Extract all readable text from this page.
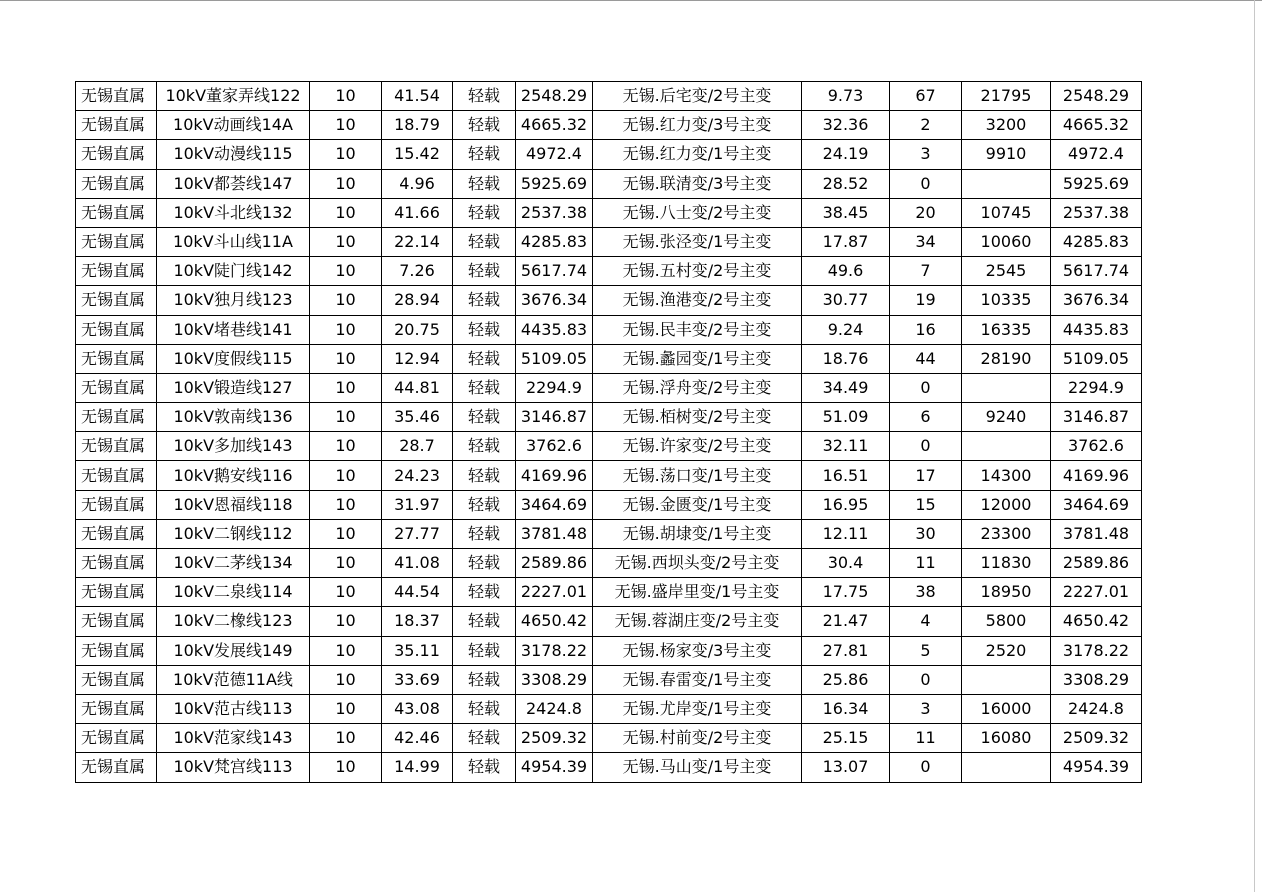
无锡直属	10kV董家弄线122	10	41.54	轻载	2548.29	无锡.后宅变/2号主变	9.73	67	21795	2548.29
无锡直属	10kV动画线14A	10	18.79	轻载	4665.32	无锡.红力变/3号主变	32.36	2	3200	4665.32
无锡直属	10kV动漫线115	10	15.42	轻载	4972.4	无锡.红力变/1号主变	24.19	3	9910	4972.4
无锡直属	10kV都荟线147	10	4.96	轻载	5925.69	无锡.联清变/3号主变	28.52	0		5925.69
无锡直属	10kV斗北线132	10	41.66	轻载	2537.38	无锡.八士变/2号主变	38.45	20	10745	2537.38
无锡直属	10kV斗山线11A	10	22.14	轻载	4285.83	无锡.张泾变/1号主变	17.87	34	10060	4285.83
无锡直属	10kV陡门线142	10	7.26	轻载	5617.74	无锡.五村变/2号主变	49.6	7	2545	5617.74
无锡直属	10kV独月线123	10	28.94	轻载	3676.34	无锡.渔港变/2号主变	30.77	19	10335	3676.34
无锡直属	10kV堵巷线141	10	20.75	轻载	4435.83	无锡.民丰变/2号主变	9.24	16	16335	4435.83
无锡直属	10kV度假线115	10	12.94	轻载	5109.05	无锡.蠡园变/1号主变	18.76	44	28190	5109.05
无锡直属	10kV锻造线127	10	44.81	轻载	2294.9	无锡.浮舟变/2号主变	34.49	0		2294.9
无锡直属	10kV敦南线136	10	35.46	轻载	3146.87	无锡.栢树变/2号主变	51.09	6	9240	3146.87
无锡直属	10kV多加线143	10	28.7	轻载	3762.6	无锡.许家变/2号主变	32.11	0		3762.6
无锡直属	10kV鹅安线116	10	24.23	轻载	4169.96	无锡.荡口变/1号主变	16.51	17	14300	4169.96
无锡直属	10kV恩福线118	10	31.97	轻载	3464.69	无锡.金匮变/1号主变	16.95	15	12000	3464.69
无锡直属	10kV二钢线112	10	27.77	轻载	3781.48	无锡.胡埭变/1号主变	12.11	30	23300	3781.48
无锡直属	10kV二茅线134	10	41.08	轻载	2589.86	无锡.西坝头变/2号主变	30.4	11	11830	2589.86
无锡直属	10kV二泉线114	10	44.54	轻载	2227.01	无锡.盛岸里变/1号主变	17.75	38	18950	2227.01
无锡直属	10kV二橡线123	10	18.37	轻载	4650.42	无锡.蓉湖庄变/2号主变	21.47	4	5800	4650.42
无锡直属	10kV发展线149	10	35.11	轻载	3178.22	无锡.杨家变/3号主变	27.81	5	2520	3178.22
无锡直属	10kV范德11A线	10	33.69	轻载	3308.29	无锡.春雷变/1号主变	25.86	0		3308.29
无锡直属	10kV范古线113	10	43.08	轻载	2424.8	无锡.尤岸变/1号主变	16.34	3	16000	2424.8
无锡直属	10kV范家线143	10	42.46	轻载	2509.32	无锡.村前变/2号主变	25.15	11	16080	2509.32
无锡直属	10kV梵宫线113	10	14.99	轻载	4954.39	无锡.马山变/1号主变	13.07	0		4954.39
